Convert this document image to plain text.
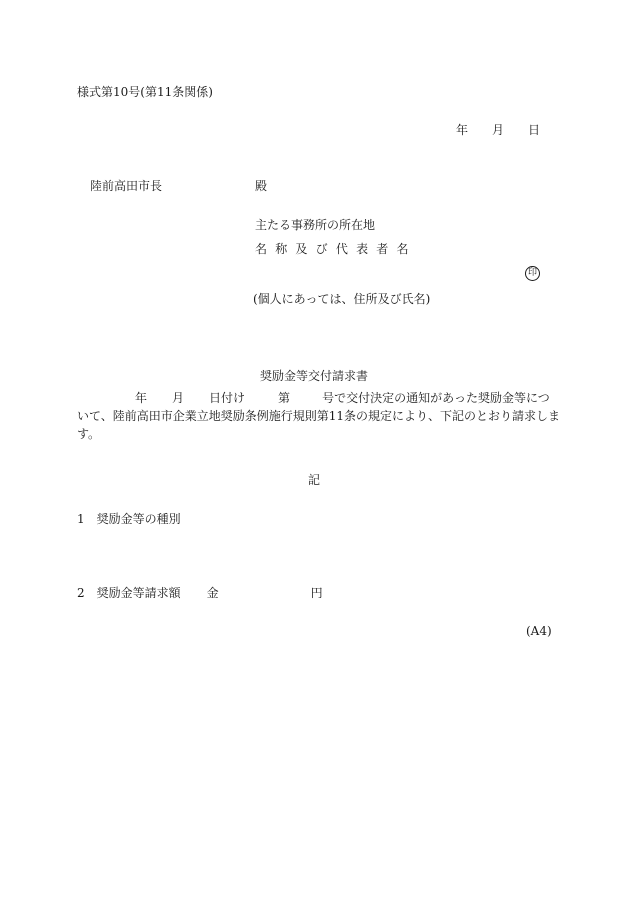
様式第10号(第11条関係)
年 月 日
陸前高田市長	殿
主たる事務所の所在地
名 称 及 び 代 表 者 名
印
(個人にあっては、住所及び氏名)
奨励金等交付請求書
年 月 日付け	第	号で交付決定の通知があった奨励金等につ
いて、陸前高田市企業立地奨励条例施行規則第11条の規定により、下記のとおり請求しま
す。
記
1 奨励金等の種別
2 奨励金等請求額 金	円
(A4)
